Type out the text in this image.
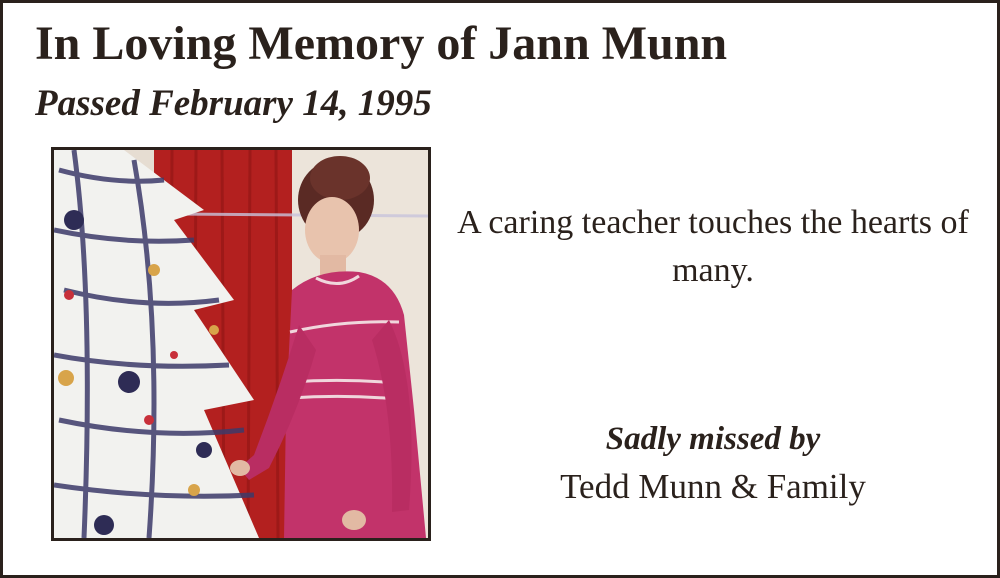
In Loving Memory of Jann Munn
Passed February 14, 1995

A caring teacher touches the hearts of many.

Sadly missed by

Tedd Munn & Family
